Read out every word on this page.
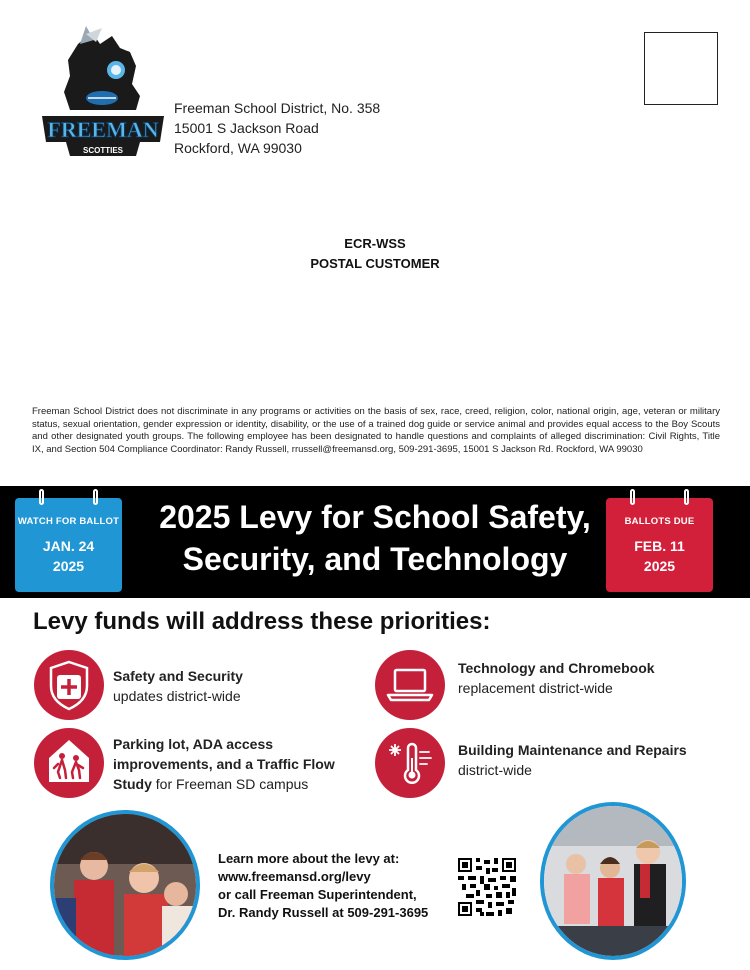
FREEMAN
SCOTTIES
Freeman School District, No. 358
15001 S Jackson Road
Rockford, WA 99030
ECR-WSS
POSTAL CUSTOMER
Freeman School District does not discriminate in any programs or activities on the basis of sex, race, creed, religion, color, national origin, age, veteran or military status, sexual orientation, gender expression or identity, disability, or the use of a trained dog guide or service animal and provides equal access to the Boy Scouts and other designated youth groups. The following employee has been designated to handle questions and complaints of alleged discrimination: Civil Rights, Title IX, and Section 504 Compliance Coordinator: Randy Russell, rrussell@freemansd.org, 509-291-3695, 15001 S Jackson Rd. Rockford, WA 99030
2025 Levy for School Safety,
Security, and Technology
WATCH FOR BALLOT
JAN. 24
2025
BALLOTS DUE
FEB. 11
2025
Levy funds will address these priorities:
Safety and Security
updates district-wide
Technology and Chromebook
replacement district-wide
Parking lot, ADA access
improvements, and a Traffic Flow
Study for Freeman SD campus
Building Maintenance and Repairs
district-wide
Learn more about the levy at:
www.freemansd.org/levy
or call Freeman Superintendent,
Dr. Randy Russell at 509-291-3695
